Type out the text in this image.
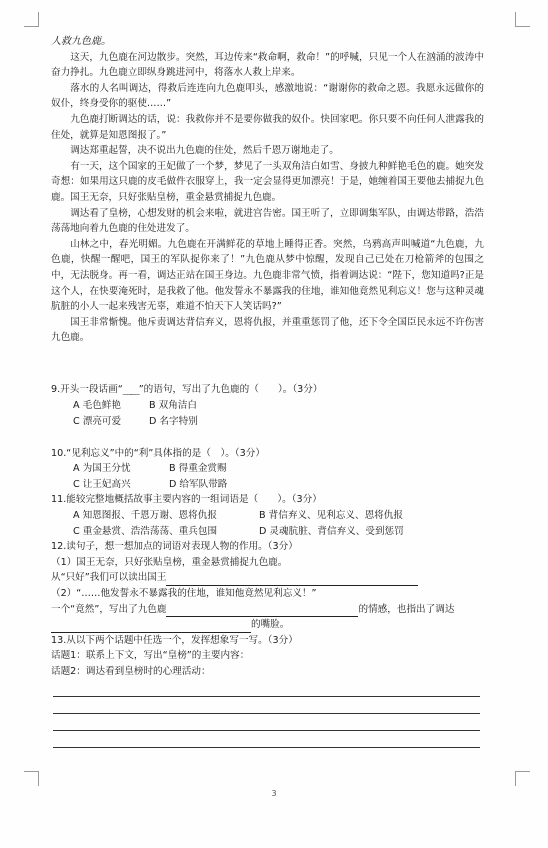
人救九色鹿。

这天，九色鹿在河边散步。突然，耳边传来“救命啊，救命！”的呼喊，只见一个人在汹涌的波涛中奋力挣扎。九色鹿立即纵身跳进河中，将落水人救上岸来。

落水的人名叫调达，得救后连连向九色鹿叩头，感激地说：“谢谢你的救命之恩。我愿永远做你的奴仆，终身受你的驱使……”

九色鹿打断调达的话，说：我救你并不是要你做我的奴仆。快回家吧。你只要不向任何人泄露我的住处，就算是知恩图报了。”

调达郑重起誓，决不说出九色鹿的住处，然后千恩万谢地走了。

有一天，这个国家的王妃做了一个梦，梦见了一头双角洁白如雪、身披九种鲜艳毛色的鹿。她突发奇想：如果用这只鹿的皮毛做件衣服穿上，我一定会显得更加漂亮！于是，她缠着国王要他去捕捉九色鹿。国王无奈，只好张贴皇榜，重金悬赏捕捉九色鹿。

调达看了皇榜，心想发财的机会来啦，就进宫告密。国王听了，立即调集军队，由调达带路，浩浩荡荡地向着九色鹿的住处进发了。

山林之中，春光明媚。九色鹿在开满鲜花的草地上睡得正香。突然，乌鸦高声叫喊道“九色鹿，九色鹿，快醒一醒吧，国王的军队捉你来了！”九色鹿从梦中惊醒，发现自己已处在刀枪箭斧的包围之中，无法脱身。再一看，调达正站在国王身边。九色鹿非常气愤，指着调达说：“陛下，您知道吗?正是这个人，在快要淹死时，是我救了他。他发誓永不暴露我的住地，谁知他竟然见利忘义！您与这种灵魂肮脏的小人一起来残害无辜，难道不怕天下人笑话吗?”

国王非常惭愧。他斥责调达背信弃义，恩将仇报，并重重惩罚了他，还下令全国臣民永远不许伤害九色鹿。

9.开头一段话画“﹏﹏”的语句，写出了九色鹿的（　　）。（3分）

A 毛色鲜艳	B 双角洁白

C 漂亮可爱	D 名字特别

10.“见利忘义”中的“利”具体指的是（　）。（3分）

A 为国王分忧	B 得重金赏赐

C 让王妃高兴	D 给军队带路

11.能较完整地概括故事主要内容的一组词语是（　　）。（3分）

A 知恩图报、千恩万谢、恩将仇报	B 背信弃义、见利忘义、恩将仇报

C 重金悬赏、浩浩荡荡、重兵包围	D 灵魂肮脏、背信弃义、受到惩罚

12.读句子，想一想加点的词语对表现人物的作用。（3分）

（1）国王无奈，只好张贴皇榜，重金悬赏捕捉九色鹿。

从“只好”我们可以读出国王

（2）“……他发誓永不暴露我的住地，谁知他竟然见利忘义！”

一个“竟然”，写出了九色鹿	的情感，也指出了调达

的嘴脸。

13.从以下两个话题中任选一个，发挥想象写一写。（3分）

话题1：联系上下文，写出“皇榜”的主要内容：

话题2：调达看到皇榜时的心理活动：

3
